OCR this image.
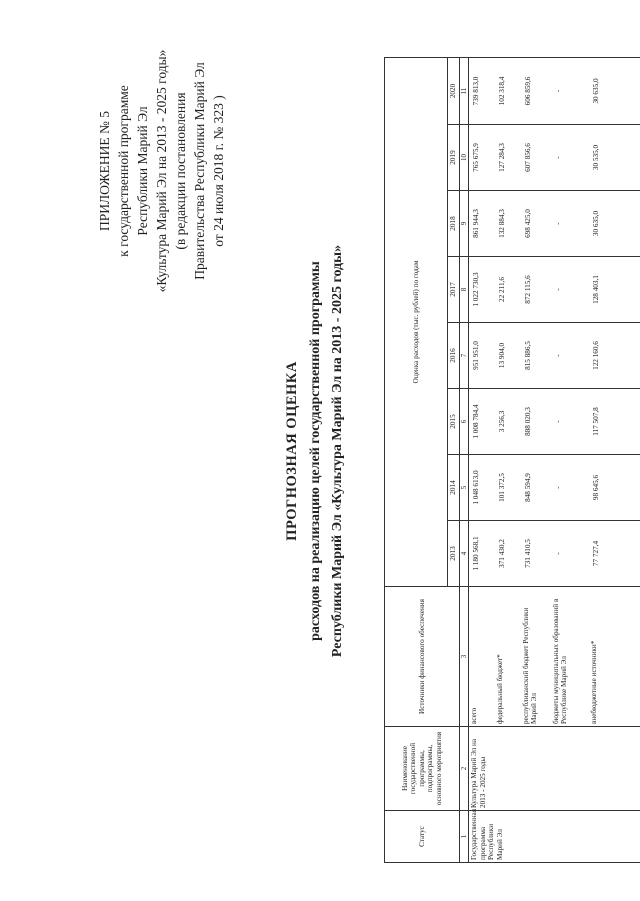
ПРИЛОЖЕНИЕ № 5 к государственной программе Республики Марий Эл «Культура Марий Эл на 2013 - 2025 годы» (в редакции постановления Правительства Республики Марий Эл от 24 июля 2018 г. № 323 )
ПРОГНОЗНАЯ ОЦЕНКА расходов на реализацию целей государственной программы Республики Марий Эл «Культура Марий Эл на 2013 - 2025 годы»
Статус	Наименование государственной программы, подпрограммы, основного мероприятия	Источники финансового обеспечения	Оценка расходов (тыс. рублей) по годам							
			2013	2014	2015	2016	2017	2018	2019	2020
1	2	3	4	5	6	7	8	9	10	11
Государственная программа Республики Марий Эл	Культура Марий Эл на 2013 - 2025 годы	всего	1 180 568,1	1 048 613,0	1 008 784,4	951 951,0	1 022 730,3	861 944,3	765 675,9	739 813,0
		федеральный бюджет*	371 430,2	101 372,5	3 256,3	13 904,0	22 211,6	132 884,3	127 284,3	102 318,4
		республиканский бюджет Республики Марий Эл	731 410,5	848 594,9	888 020,3	815 886,5	872 115,6	698 425,0	607 856,6	606 859,6
		бюджеты муниципальных образований в Республике Марий Эл	-	-	-	-	-	-	-	-
		внебюджетные источники*	77 727,4	98 645,6	117 507,8	122 160,6	128 403,1	30 635,0	30 535,0	30 635,0
